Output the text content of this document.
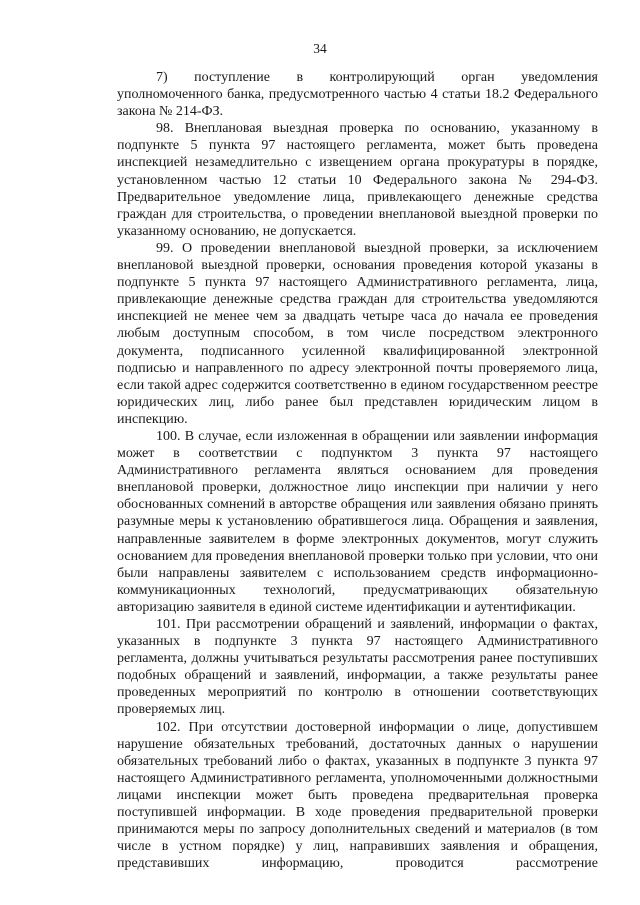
34

7)   поступление   в   контролирующий   орган   уведомления уполномоченного банка, предусмотренного частью 4 статьи 18.2 Федерального закона № 214-ФЗ.

98. Внеплановая выездная проверка по основанию, указанному в подпункте 5 пункта 97 настоящего регламента, может быть проведена инспекцией незамедлительно с извещением органа прокуратуры в порядке, установленном частью 12 статьи 10 Федерального закона № 294-ФЗ. Предварительное уведомление лица, привлекающего денежные средства граждан для строительства, о проведении внеплановой выездной проверки по указанному основанию, не допускается.

99. О проведении внеплановой выездной проверки, за исключением внеплановой выездной проверки, основания проведения которой указаны в подпункте 5 пункта 97 настоящего Административного регламента, лица, привлекающие денежные средства граждан для строительства уведомляются инспекцией не менее чем за двадцать четыре часа до начала ее проведения любым доступным способом, в том числе посредством электронного документа, подписанного усиленной квалифицированной электронной подписью и направленного по адресу электронной почты проверяемого лица, если такой адрес содержится соответственно в едином государственном реестре юридических лиц, либо ранее был представлен юридическим лицом в инспекцию.

100. В случае, если изложенная в обращении или заявлении информация может в соответствии с подпунктом 3 пункта 97 настоящего Административного регламента являться основанием для проведения внеплановой проверки, должностное лицо инспекции при наличии у него обоснованных сомнений в авторстве обращения или заявления обязано принять разумные меры к установлению обратившегося лица. Обращения и заявления, направленные заявителем в форме электронных документов, могут служить основанием для проведения внеплановой проверки только при условии, что они были направлены заявителем с использованием средств информационно-коммуникационных технологий, предусматривающих обязательную авторизацию заявителя в единой системе идентификации и аутентификации.

101. При рассмотрении обращений и заявлений, информации о фактах, указанных в подпункте 3 пункта 97 настоящего Административного регламента, должны учитываться результаты рассмотрения ранее поступивших подобных обращений и заявлений, информации, а также результаты ранее проведенных мероприятий по контролю в отношении соответствующих проверяемых лиц.

102. При отсутствии достоверной информации о лице, допустившем нарушение обязательных требований, достаточных данных о нарушении обязательных требований либо о фактах, указанных в подпункте 3 пункта 97 настоящего Административного регламента, уполномоченными должностными лицами инспекции может быть проведена предварительная проверка поступившей информации. В ходе проведения предварительной проверки принимаются меры по запросу дополнительных сведений и материалов (в том числе в устном порядке) у лиц, направивших заявления и обращения, представивших информацию, проводится рассмотрение
